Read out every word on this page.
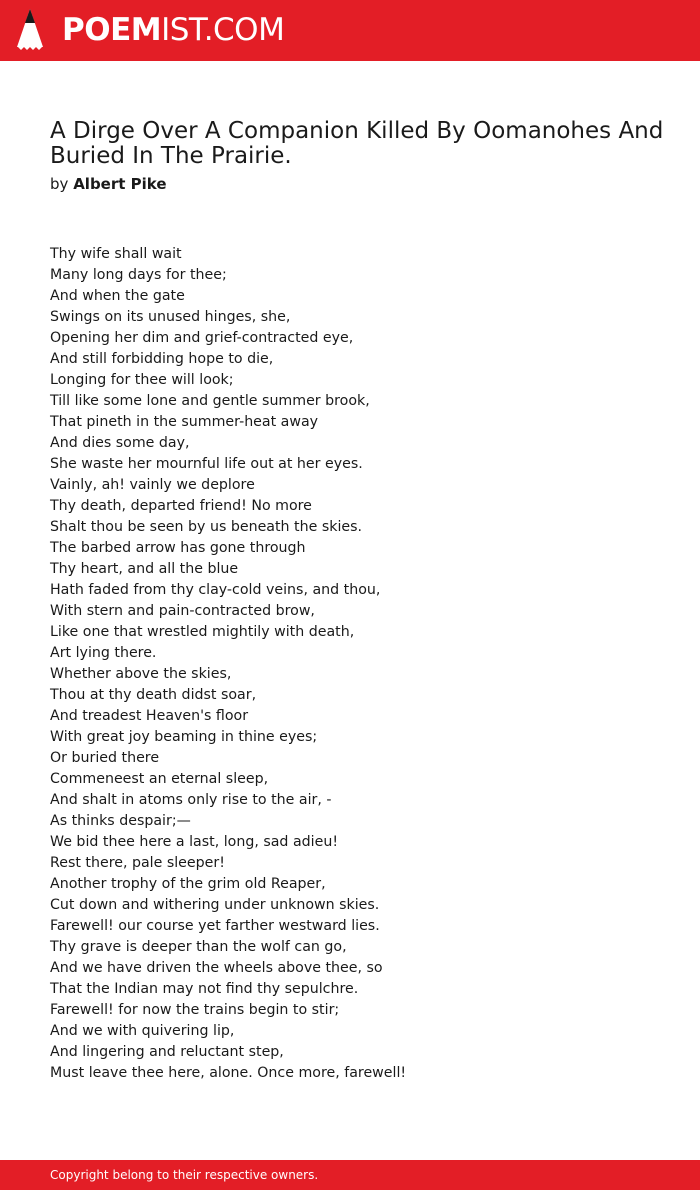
POEMIST.COM
A Dirge Over A Companion Killed By Oomanohes And Buried In The Prairie.
by Albert Pike
Thy wife shall wait
Many long days for thee;
And when the gate
Swings on its unused hinges, she,
Opening her dim and grief-contracted eye,
And still forbidding hope to die,
Longing for thee will look;
Till like some lone and gentle summer brook,
That pineth in the summer-heat away
And dies some day,
She waste her mournful life out at her eyes.
Vainly, ah! vainly we deplore
Thy death, departed friend! No more
Shalt thou be seen by us beneath the skies.
The barbed arrow has gone through
Thy heart, and all the blue
Hath faded from thy clay-cold veins, and thou,
With stern and pain-contracted brow,
Like one that wrestled mightily with death,
Art lying there.
Whether above the skies,
Thou at thy death didst soar,
And treadest Heaven's floor
With great joy beaming in thine eyes;
Or buried there
Commeneest an eternal sleep,
And shalt in atoms only rise to the air, -
As thinks despair;—
We bid thee here a last, long, sad adieu!
Rest there, pale sleeper!
Another trophy of the grim old Reaper,
Cut down and withering under unknown skies.
Farewell! our course yet farther westward lies.
Thy grave is deeper than the wolf can go,
And we have driven the wheels above thee, so
That the Indian may not find thy sepulchre.
Farewell! for now the trains begin to stir;
And we with quivering lip,
And lingering and reluctant step,
Must leave thee here, alone. Once more, farewell!
Copyright belong to their respective owners.
